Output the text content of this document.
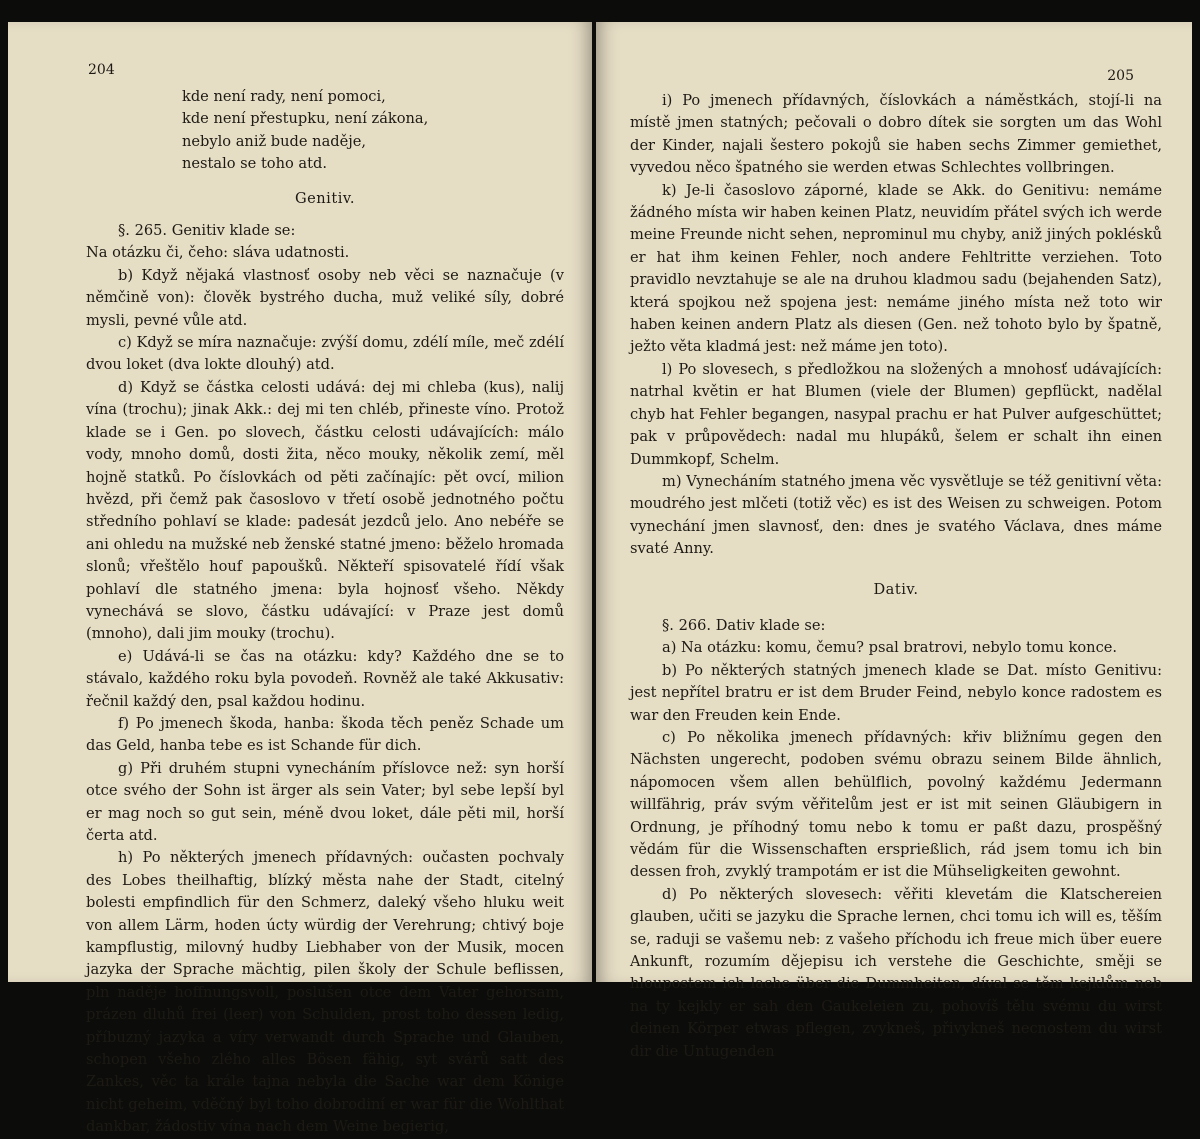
204

kde není rady, není pomoci,

kde není přestupku, není zákona,

nebylo aniž bude naděje,

nestalo se toho atd.

Genitiv.

§. 265. Genitiv klade se:

Na otázku či, čeho: sláva udatnosti.

b) Když nějaká vlastnosť osoby neb věci se naznačuje (v němčině von): člověk bystrého ducha, muž veliké síly, dobré mysli, pevné vůle atd.

c) Když se míra naznačuje: zvýší domu, zdélí míle, meč zdélí dvou loket (dva lokte dlouhý) atd.

d) Když se částka celosti udává: dej mi chleba (kus), nalij vína (trochu); jinak Akk.: dej mi ten chléb, přineste víno. Protož klade se i Gen. po slovech, částku celosti udávajících: málo vody, mnoho domů, dosti žita, něco mouky, několik zemí, měl hojně statků. Po číslovkách od pěti začínajíc: pět ovcí, milion hvězd, při čemž pak časoslovo v třetí osobě jednotného počtu středního pohlaví se klade: padesát jezdců jelo. Ano nebéře se ani ohledu na mužské neb ženské statné jmeno: běželo hromada slonů; vřeštělo houf papoušků. Někteří spisovatelé řídí však pohlaví dle statného jmena: byla hojnosť všeho. Někdy vynechává se slovo, částku udávající: v Praze jest domů (mnoho), dali jim mouky (trochu).

e) Udává-li se čas na otázku: kdy? Každého dne se to stávalo, každého roku byla povodeň. Rovněž ale také Akkusativ: řečnil každý den, psal každou hodinu.

f) Po jmenech škoda, hanba: škoda těch peněz Schade um das Geld, hanba tebe es ist Schande für dich.

g) Při druhém stupni vynecháním příslovce než: syn horší otce svého der Sohn ist ärger als sein Vater; byl sebe lepší byl er mag noch so gut sein, méně dvou loket, dále pěti mil, horší čerta atd.

h) Po některých jmenech přídavných: oučasten pochvaly des Lobes theilhaftig, blízký města nahe der Stadt, citelný bolesti empfindlich für den Schmerz, daleký všeho hluku weit von allem Lärm, hoden úcty würdig der Verehrung; chtivý boje kampflustig, milovný hudby Liebhaber von der Musik, mocen jazyka der Sprache mächtig, pilen školy der Schule beflissen, pln naděje hoffnungsvoll, poslušen otce dem Vater gehorsam, prázen dluhů frei (leer) von Schulden, prost toho dessen ledig, příbuzný jazyka a víry verwandt durch Sprache und Glauben, schopen všeho zlého alles Bösen fähig, syt svárů satt des Zankes, věc ta krále tajna nebyla die Sache war dem Könige nicht geheim, vděčný byl toho dobrodiní er war für die Wohlthat dankbar, žádostiv vína nach dem Weine begierig,

205

i) Po jmenech přídavných, číslovkách a náměstkách, stojí-li na místě jmen statných; pečovali o dobro dítek sie sorgten um das Wohl der Kinder, najali šestero pokojů sie haben sechs Zimmer gemiethet, vyvedou něco špatného sie werden etwas Schlechtes vollbringen.

k) Je-li časoslovo záporné, klade se Akk. do Genitivu: nemáme žádného místa wir haben keinen Platz, neuvidím přátel svých ich werde meine Freunde nicht sehen, neprominul mu chyby, aniž jiných poklésků er hat ihm keinen Fehler, noch andere Fehltritte verziehen. Toto pravidlo nevztahuje se ale na druhou kladmou sadu (bejahenden Satz), která spojkou než spojena jest: nemáme jiného místa než toto wir haben keinen andern Platz als diesen (Gen. než tohoto bylo by špatně, ježto věta kladmá jest: než máme jen toto).

l) Po slovesech, s předložkou na složených a mnohosť udávajících: natrhal květin er hat Blumen (viele der Blumen) gepflückt, nadělal chyb hat Fehler begangen, nasypal prachu er hat Pulver aufgeschüttet; pak v průpovědech: nadal mu hlupáků, šelem er schalt ihn einen Dummkopf, Schelm.

m) Vynecháním statného jmena věc vysvětluje se též genitivní věta: moudrého jest mlčeti (totiž věc) es ist des Weisen zu schweigen. Potom vynechání jmen slavnosť, den: dnes je svatého Václava, dnes máme svaté Anny.

Dativ.

§. 266. Dativ klade se:

a) Na otázku: komu, čemu? psal bratrovi, nebylo tomu konce.

b) Po některých statných jmenech klade se Dat. místo Genitivu: jest nepřítel bratru er ist dem Bruder Feind, nebylo konce radostem es war den Freuden kein Ende.

c) Po několika jmenech přídavných: křiv bližnímu gegen den Nächsten ungerecht, podoben svému obrazu seinem Bilde ähnlich, nápomocen všem allen behülflich, povolný každému Jedermann willfährig, práv svým věřitelům jest er ist mit seinen Gläubigern in Ordnung, je příhodný tomu nebo k tomu er paßt dazu, prospěšný vědám für die Wissenschaften ersprießlich, rád jsem tomu ich bin dessen froh, zvyklý trampotám er ist die Mühseligkeiten gewohnt.

d) Po některých slovesech: věřiti klevetám die Klatschereien glauben, učiti se jazyku die Sprache lernen, chci tomu ich will es, těším se, raduji se vašemu neb: z vašeho příchodu ich freue mich über euere Ankunft, rozumím dějepisu ich verstehe die Geschichte, směji se hloupostem ich lache über die Dummheiten, díval se těm kejklům neb na ty kejkly er sah den Gaukeleien zu, pohovíš tělu svému du wirst deinen Körper etwas pflegen, zvykneš, přivykneš necnostem du wirst dir die Untugenden
